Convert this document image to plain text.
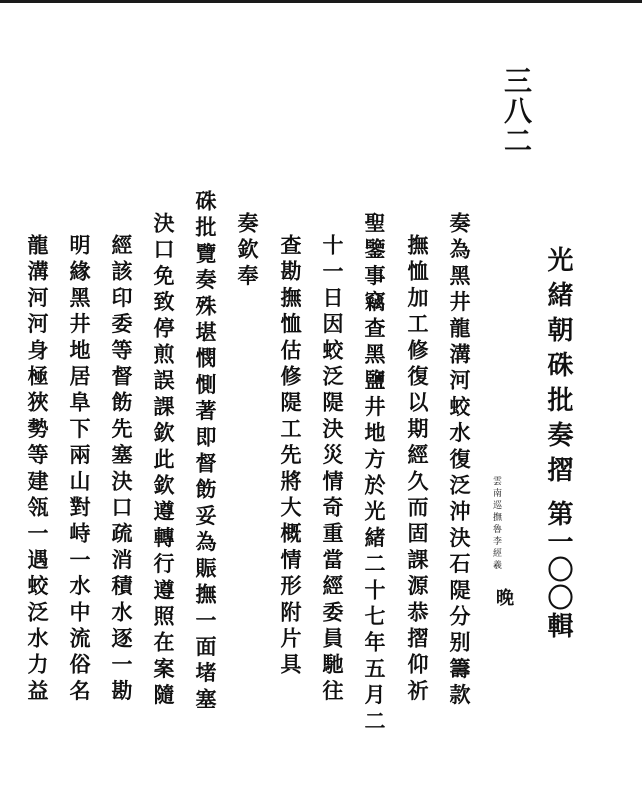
三八二
光緒朝硃批奏摺
第一〇〇輯
雲南巡撫魯李經羲
晚
奏為黑井龍溝河蛟水復泛沖決石隄分别籌款
撫恤加工修復以期經久而固課源恭摺仰祈
聖鑒事竊查黑鹽井地方於光緒二十七年五月二
十一日因蛟泛隄決災情奇重當經委員馳往
查勘撫恤估修隄工先將大概情形附片具
奏欽奉
硃批覽奏殊堪憫惻著即督飭妥為賑撫一面堵塞
決口免致停煎誤課欽此欽遵轉行遵照在案隨
經該印委等督飭先塞決口疏消積水逐一勘
明緣黑井地居阜下兩山對峙一水中流俗名
龍溝河河身極狹勢等建瓴一遇蛟泛水力益
